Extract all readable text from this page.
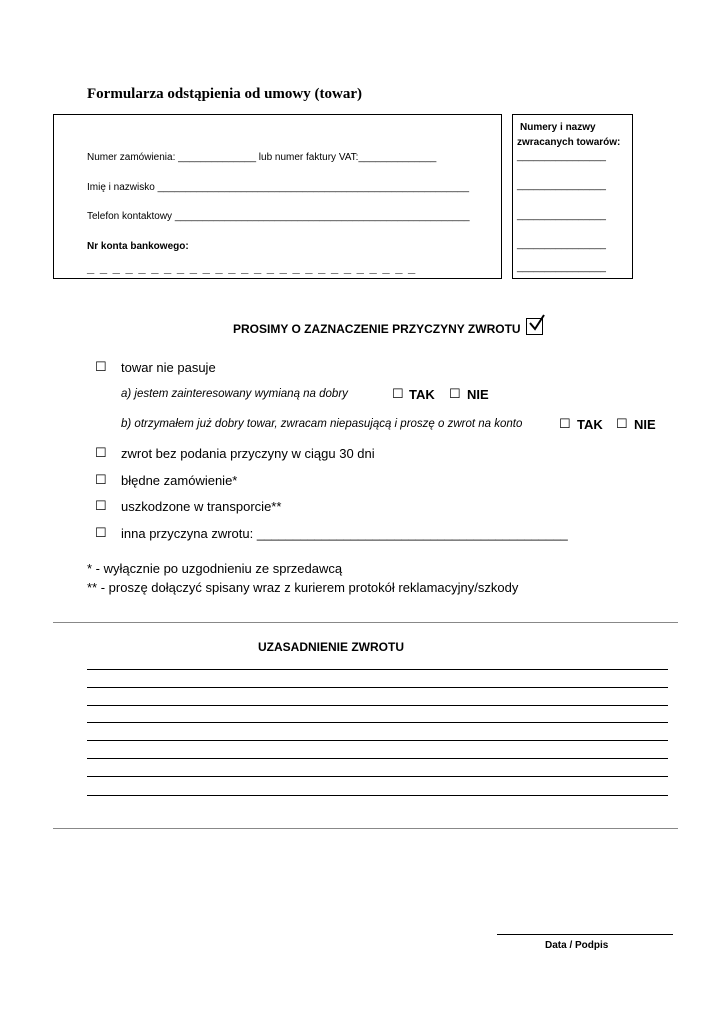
Formularza odstąpienia od umowy (towar)
Numer zamówienia: ______________ lub numer faktury VAT:______________
Imię i nazwisko ________________________________________________________
Telefon kontaktowy _____________________________________________________
Nr konta bankowego:
_ _ _ _ _ _ _ _ _ _ _ _ _ _ _ _ _ _ _ _ _ _ _ _ _ _
Numery i nazwy
zwracanych towarów:
________________
________________
________________
________________
________________
PROSIMY O ZAZNACZENIE PRZYCZYNY ZWROTU
☐ towar nie pasuje
a) jestem zainteresowany wymianą na dobry	☐ TAK ☐ NIE
b) otrzymałem już dobry towar, zwracam niepasującą i proszę o zwrot na konto	☐ TAK ☐ NIE
☐ zwrot bez podania przyczyny w ciągu 30 dni
☐ błędne zamówienie*
☐ uszkodzone w transporcie**
☐ inna przyczyna zwrotu: ___________________________________________
* - wyłącznie po uzgodnieniu ze sprzedawcą
** - proszę dołączyć spisany wraz z kurierem protokół reklamacyjny/szkody
UZASADNIENIE ZWROTU
Data / Podpis
